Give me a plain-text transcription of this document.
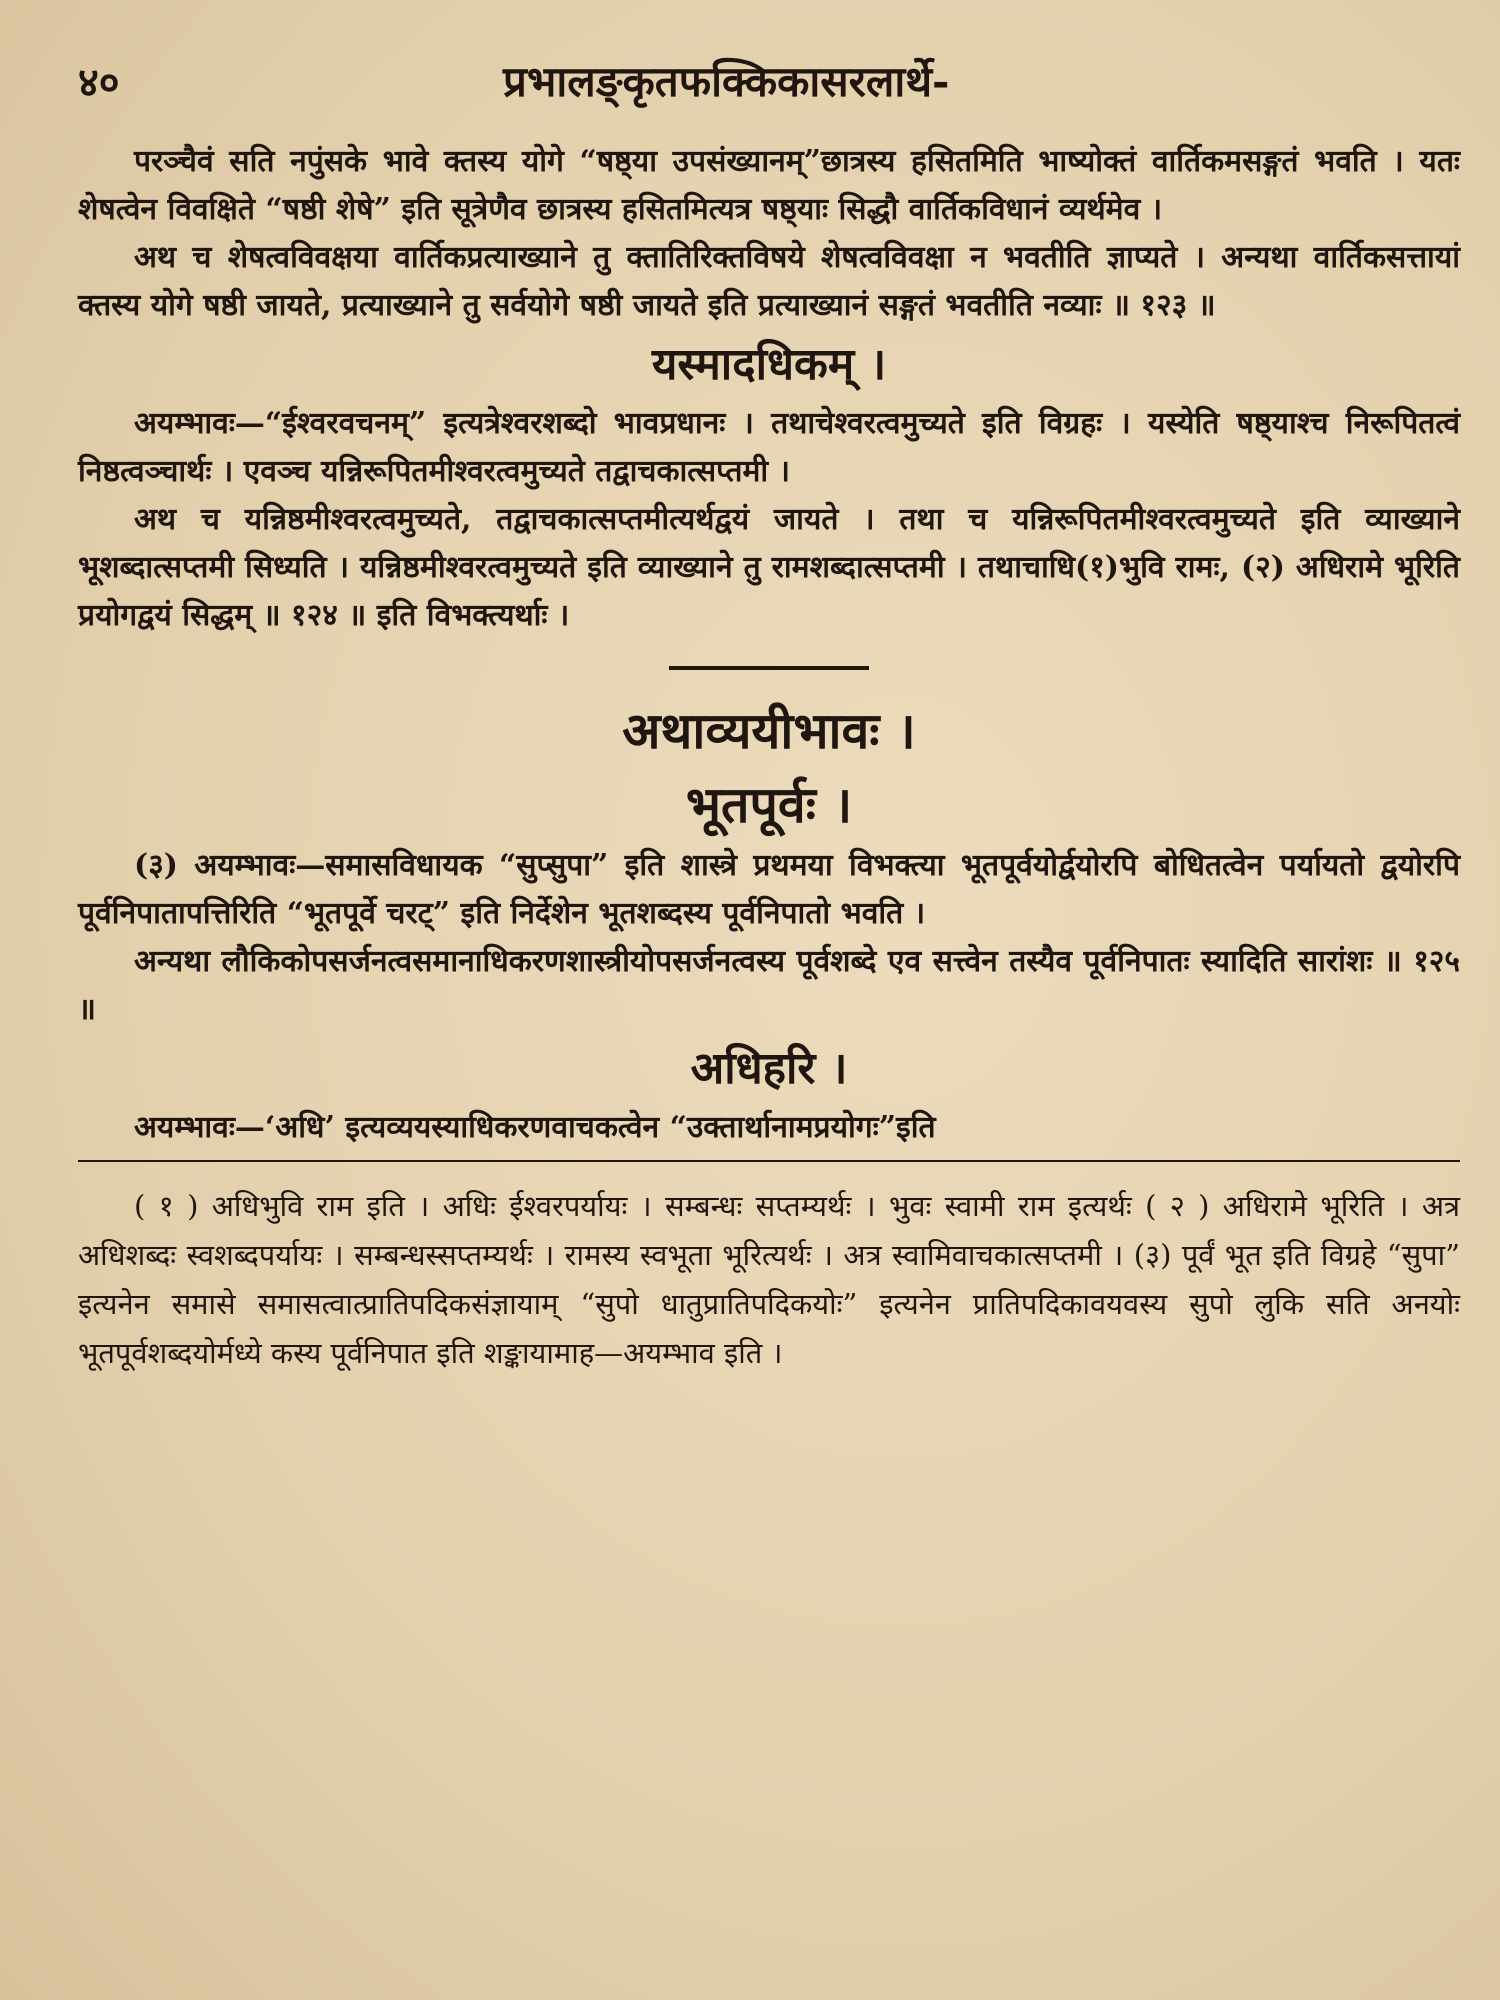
४०	प्रभालङ्कृतफक्किकासरलार्थे-

परञ्चैवं सति नपुंसके भावे क्तस्य योगे “षष्ठ्या उपसंख्यानम्”छात्रस्य हसितमिति भाष्योक्तं वार्तिकमसङ्गतं भवति । यतः शेषत्वेन विवक्षिते “षष्ठी शेषे” इति सूत्रेणैव छात्रस्य हसितमित्यत्र षष्ठ्याः सिद्धौ वार्तिकविधानं व्यर्थमेव ।

अथ च शेषत्वविवक्षया वार्तिकप्रत्याख्याने तु क्तातिरिक्तविषये शेषत्वविवक्षा न भवतीति ज्ञाप्यते । अन्यथा वार्तिकसत्तायां क्तस्य योगे षष्ठी जायते, प्रत्याख्याने तु सर्वयोगे षष्ठी जायते इति प्रत्याख्यानं सङ्गतं भवतीति नव्याः ॥ १२३ ॥

यस्मादधिकम् ।

अयम्भावः—“ईश्वरवचनम्” इत्यत्रेश्वरशब्दो भावप्रधानः । तथाचेश्वरत्वमुच्यते इति विग्रहः । यस्येति षष्ठ्याश्च निरूपितत्वं निष्ठत्वञ्चार्थः । एवञ्च यन्निरूपितमीश्वरत्वमुच्यते तद्वाचकात्सप्तमी ।

अथ च यन्निष्ठमीश्वरत्वमुच्यते, तद्वाचकात्सप्तमीत्यर्थद्वयं जायते । तथा च यन्निरूपितमीश्वरत्वमुच्यते इति व्याख्याने भूशब्दात्सप्तमी सिध्यति । यन्निष्ठमीश्वरत्वमुच्यते इति व्याख्याने तु रामशब्दात्सप्तमी । तथाचाधि(१)भुवि रामः, (२) अधिरामे भूरिति प्रयोगद्वयं सिद्धम् ॥ १२४ ॥ इति विभक्त्यर्थाः ।

अथाव्ययीभावः ।
भूतपूर्वः ।

(३) अयम्भावः—समासविधायक “सुप्सुपा” इति शास्त्रे प्रथमया विभक्त्या भूतपूर्वयोर्द्वयोरपि बोधितत्वेन पर्यायतो द्वयोरपि पूर्वनिपातापत्तिरिति “भूतपूर्वे चरट्” इति निर्देशेन भूतशब्दस्य पूर्वनिपातो भवति ।

अन्यथा लौकिकोपसर्जनत्वसमानाधिकरणशास्त्रीयोपसर्जनत्वस्य पूर्वशब्दे एव सत्त्वेन तस्यैव पूर्वनिपातः स्यादिति सारांशः ॥ १२५ ॥

अधिहरि ।

अयम्भावः—‘अधि’ इत्यव्ययस्याधिकरणवाचकत्वेन “उक्तार्थानामप्रयोगः”इति

( १ ) अधिभुवि राम इति । अधिः ईश्वरपर्यायः । सम्बन्धः सप्तम्यर्थः । भुवः स्वामी राम इत्यर्थः ( २ ) अधिरामे भूरिति । अत्र अधिशब्दः स्वशब्दपर्यायः । सम्बन्धस्सप्तम्यर्थः । रामस्य स्वभूता भूरित्यर्थः । अत्र स्वामिवाचकात्सप्तमी । (३) पूर्वं भूत इति विग्रहे “सुपा” इत्यनेन समासे समासत्वात्प्रातिपदिकसंज्ञायाम् “सुपो धातुप्रातिपदिकयोः” इत्यनेन प्रातिपदिकावयवस्य सुपो लुकि सति अनयोः भूतपूर्वशब्दयोर्मध्ये कस्य पूर्वनिपात इति शङ्कायामाह—अयम्भाव इति ।
